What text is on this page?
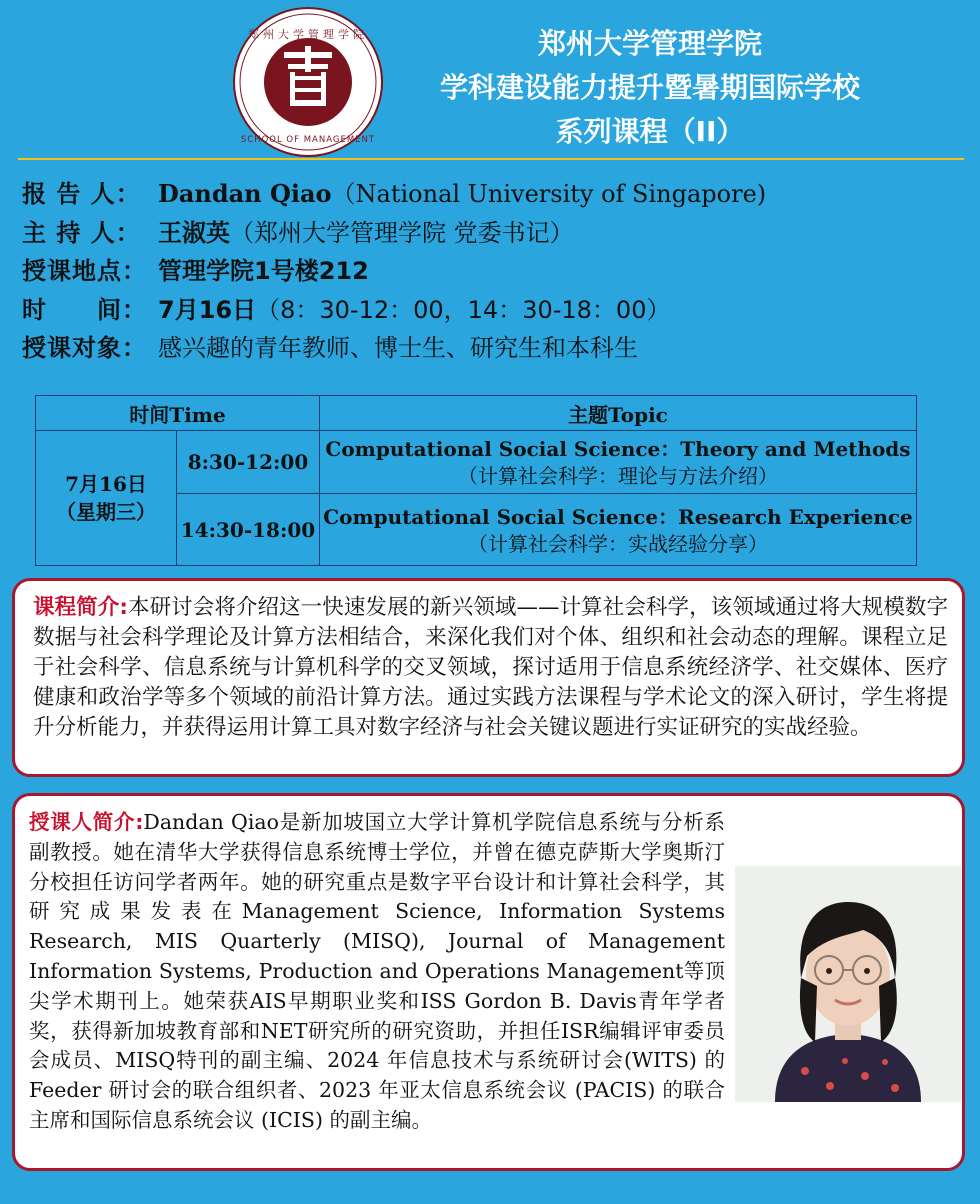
郑州大学管理学院
SCHOOL OF MANAGEMENT
郑州大学管理学院
学科建设能力提升暨暑期国际学校
系列课程（II）
报 告 人： Dandan Qiao （National University of Singapore)
主 持 人： 王淑英 （郑州大学管理学院 党委书记）
授课地点： 管理学院1号楼212
时　　间： 7月16日 （8：30-12：00，14：30-18：00）
授课对象： 感兴趣的青年教师、博士生、研究生和本科生
时间Time		主题Topic

7月16日
（星期三）	8:30-12:00	Computational Social Science：Theory and Methods
（计算社会科学：理论与方法介绍）

	14:30-18:00	Computational Social Science：Research Experience
（计算社会科学：实战经验分享）
课程简介:本研讨会将介绍这一快速发展的新兴领域——计算社会科学，该领域通过将大规模数字数据与社会科学理论及计算方法相结合，来深化我们对个体、组织和社会动态的理解。课程立足于社会科学、信息系统与计算机科学的交叉领域，探讨适用于信息系统经济学、社交媒体、医疗健康和政治学等多个领域的前沿计算方法。通过实践方法课程与学术论文的深入研讨，学生将提升分析能力，并获得运用计算工具对数字经济与社会关键议题进行实证研究的实战经验。
授课人简介:Dandan Qiao是新加坡国立大学计算机学院信息系统与分析系副教授。她在清华大学获得信息系统博士学位，并曾在德克萨斯大学奥斯汀分校担任访问学者两年。她的研究重点是数字平台设计和计算社会科学，其研究成果发表在Management Science, Information Systems Research, MIS Quarterly (MISQ), Journal of Management Information Systems, Production and Operations Management等顶尖学术期刊上。她荣获AIS早期职业奖和ISS Gordon B. Davis青年学者奖，获得新加坡教育部和NET研究所的研究资助，并担任ISR编辑评审委员会成员、MISQ特刊的副主编、2024 年信息技术与系统研讨会(WITS) 的 Feeder 研讨会的联合组织者、2023 年亚太信息系统会议 (PACIS) 的联合主席和国际信息系统会议 (ICIS) 的副主编。
